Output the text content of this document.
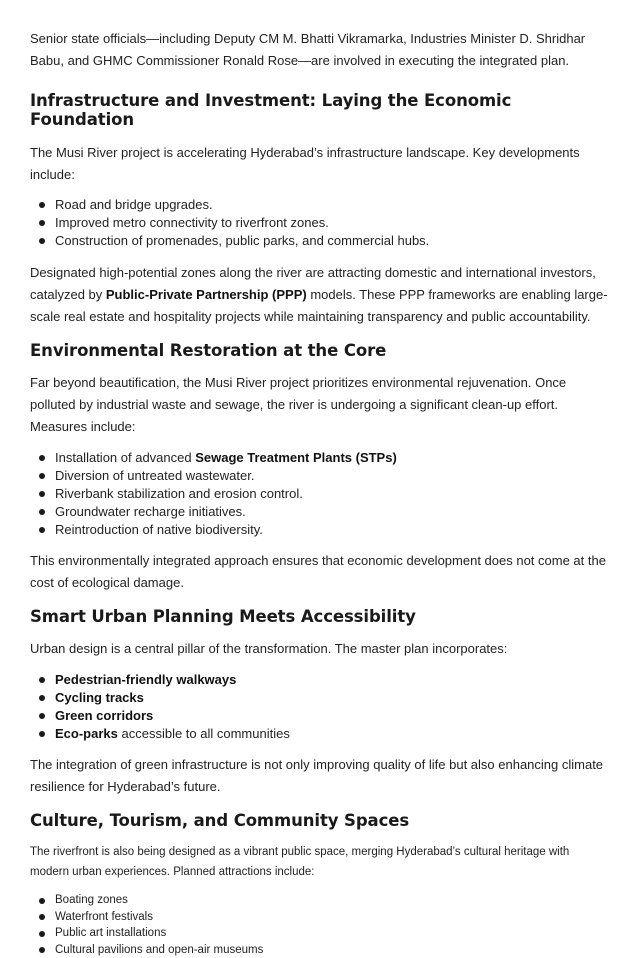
Senior state officials—including Deputy CM M. Bhatti Vikramarka, Industries Minister D. Shridhar Babu, and GHMC Commissioner Ronald Rose—are involved in executing the integrated plan.

Infrastructure and Investment: Laying the Economic Foundation

The Musi River project is accelerating Hyderabad’s infrastructure landscape. Key developments include:

Road and bridge upgrades.
Improved metro connectivity to riverfront zones.
Construction of promenades, public parks, and commercial hubs.

Designated high-potential zones along the river are attracting domestic and international investors, catalyzed by Public-Private Partnership (PPP) models. These PPP frameworks are enabling large-scale real estate and hospitality projects while maintaining transparency and public accountability.

Environmental Restoration at the Core

Far beyond beautification, the Musi River project prioritizes environmental rejuvenation. Once polluted by industrial waste and sewage, the river is undergoing a significant clean-up effort. Measures include:

Installation of advanced Sewage Treatment Plants (STPs)
Diversion of untreated wastewater.
Riverbank stabilization and erosion control.
Groundwater recharge initiatives.
Reintroduction of native biodiversity.

This environmentally integrated approach ensures that economic development does not come at the cost of ecological damage.

Smart Urban Planning Meets Accessibility

Urban design is a central pillar of the transformation. The master plan incorporates:

Pedestrian-friendly walkways
Cycling tracks
Green corridors
Eco-parks accessible to all communities

The integration of green infrastructure is not only improving quality of life but also enhancing climate resilience for Hyderabad’s future.

Culture, Tourism, and Community Spaces

The riverfront is also being designed as a vibrant public space, merging Hyderabad’s cultural heritage with modern urban experiences. Planned attractions include:

Boating zones
Waterfront festivals
Public art installations
Cultural pavilions and open-air museums
